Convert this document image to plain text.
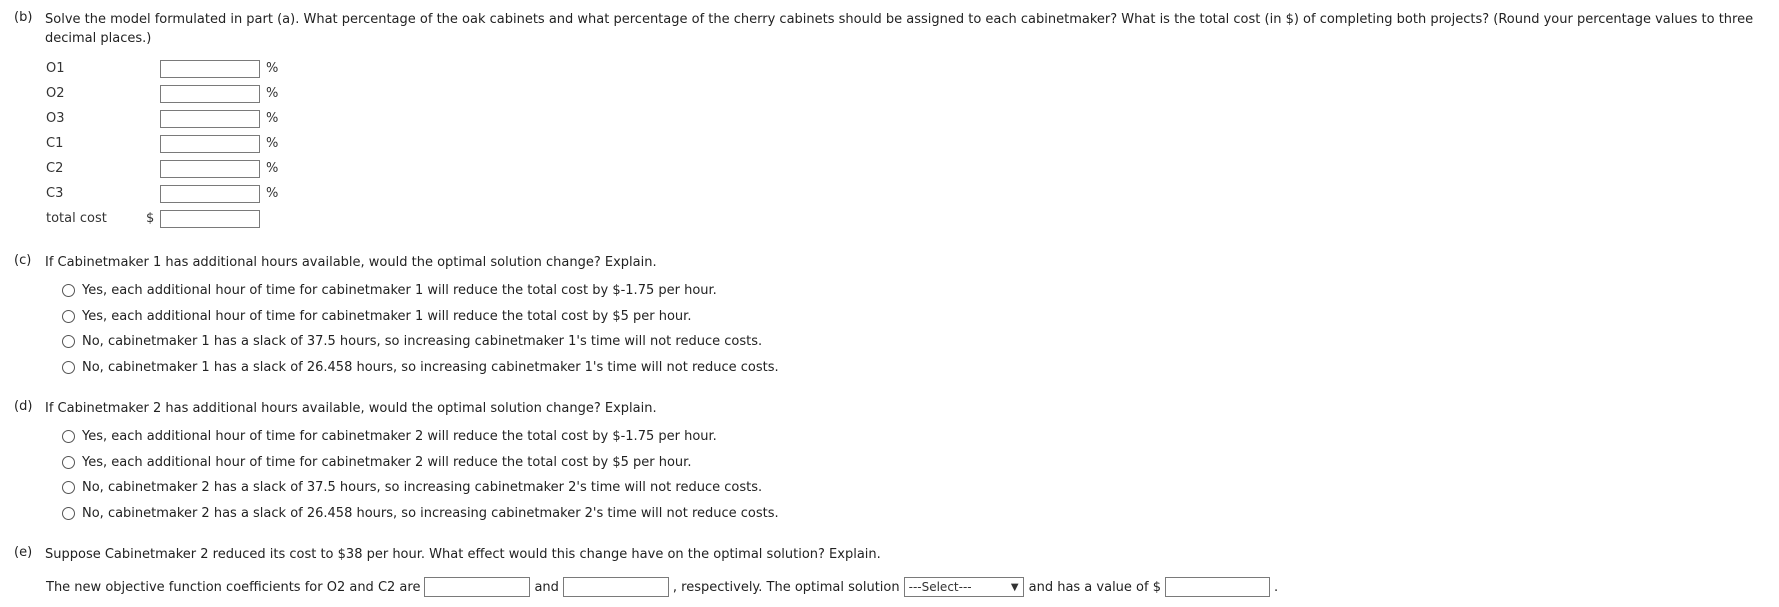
(b) Solve the model formulated in part (a). What percentage of the oak cabinets and what percentage of the cherry cabinets should be assigned to each cabinetmaker? What is the total cost (in $) of completing both projects? (Round your percentage values to three decimal places.)
O1	%
O2	%
O3	%
C1	%
C2	%
C3	%
total cost	$
(c)	If Cabinetmaker 1 has additional hours available, would the optimal solution change? Explain.
Yes, each additional hour of time for cabinetmaker 1 will reduce the total cost by $-1.75 per hour.
Yes, each additional hour of time for cabinetmaker 1 will reduce the total cost by $5 per hour.
No, cabinetmaker 1 has a slack of 37.5 hours, so increasing cabinetmaker 1's time will not reduce costs.
No, cabinetmaker 1 has a slack of 26.458 hours, so increasing cabinetmaker 1's time will not reduce costs.
(d) If Cabinetmaker 2 has additional hours available, would the optimal solution change? Explain.
Yes, each additional hour of time for cabinetmaker 2 will reduce the total cost by $-1.75 per hour.
Yes, each additional hour of time for cabinetmaker 2 will reduce the total cost by $5 per hour.
No, cabinetmaker 2 has a slack of 37.5 hours, so increasing cabinetmaker 2's time will not reduce costs.
No, cabinetmaker 2 has a slack of 26.458 hours, so increasing cabinetmaker 2's time will not reduce costs.
(e) Suppose Cabinetmaker 2 reduced its cost to $38 per hour. What effect would this change have on the optimal solution? Explain.
The new objective function coefficients for O2 and C2 are	and	, respectively. The optimal solution ---Select---	▼ and has a value of $	.
